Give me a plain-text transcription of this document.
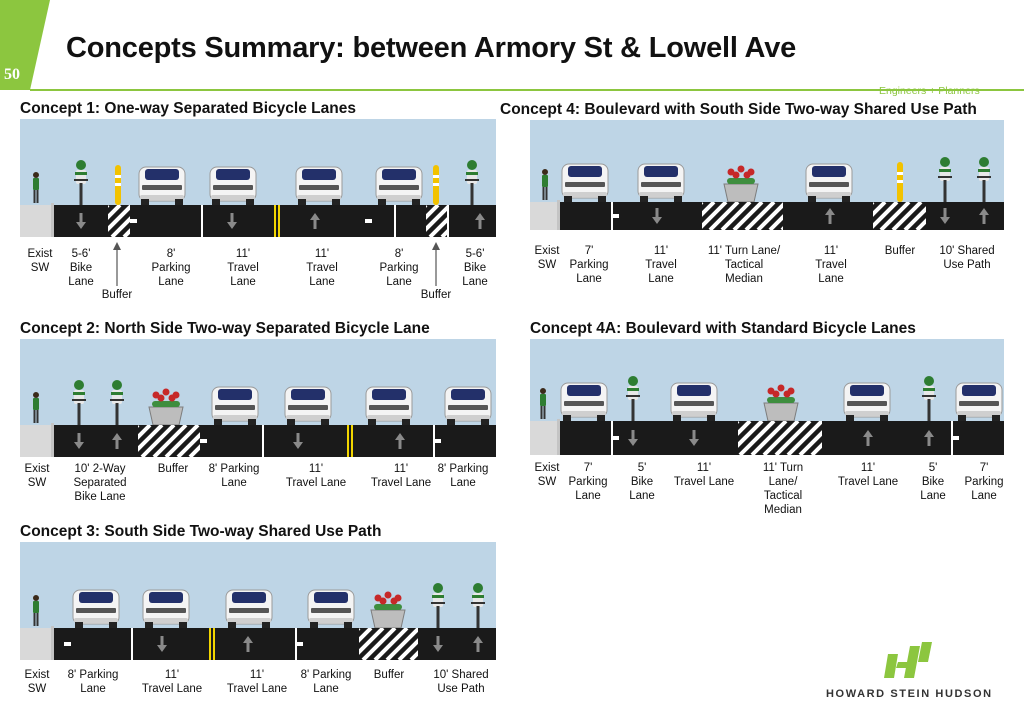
Concepts Summary: between Armory St & Lowell Ave
50
Engineers + Planners
Concept 1: One-way Separated Bicycle Lanes
Exist
SW
5-6'
Bike
Lane
Buffer
8'
Parking
Lane
11'
Travel
Lane
11'
Travel
Lane
8'
Parking
Lane
Buffer
5-6'
Bike
Lane
Concept 2: North Side Two-way Separated Bicycle Lane
Exist
SW
10' 2-Way
Separated
Bike Lane
Buffer 8' Parking
Lane
11'
Travel Lane
11'
Travel Lane
8' Parking
Lane
Concept 3: South Side Two-way Shared Use Path
Exist
SW
8' Parking
Lane
11'
Travel Lane
11'
Travel Lane
8' Parking
Lane
Buffer	10' Shared
Use Path
Concept 4: Boulevard with South Side Two-way Shared Use Path
Exist
SW
7'
Parking
Lane
11'
Travel
Lane
11' Turn Lane/
Tactical
Median
11'
Travel
Lane
Buffer 10' Shared
Use Path
Concept 4A: Boulevard with Standard Bicycle Lanes
Exist
SW
7'
Parking
Lane
5'
Bike
Lane
11'
Travel Lane
11' Turn
Lane/
Tactical
Median
11'
Travel Lane
5'
Bike
Lane
7'
Parking
Lane
HOWARD STEIN HUDSON
